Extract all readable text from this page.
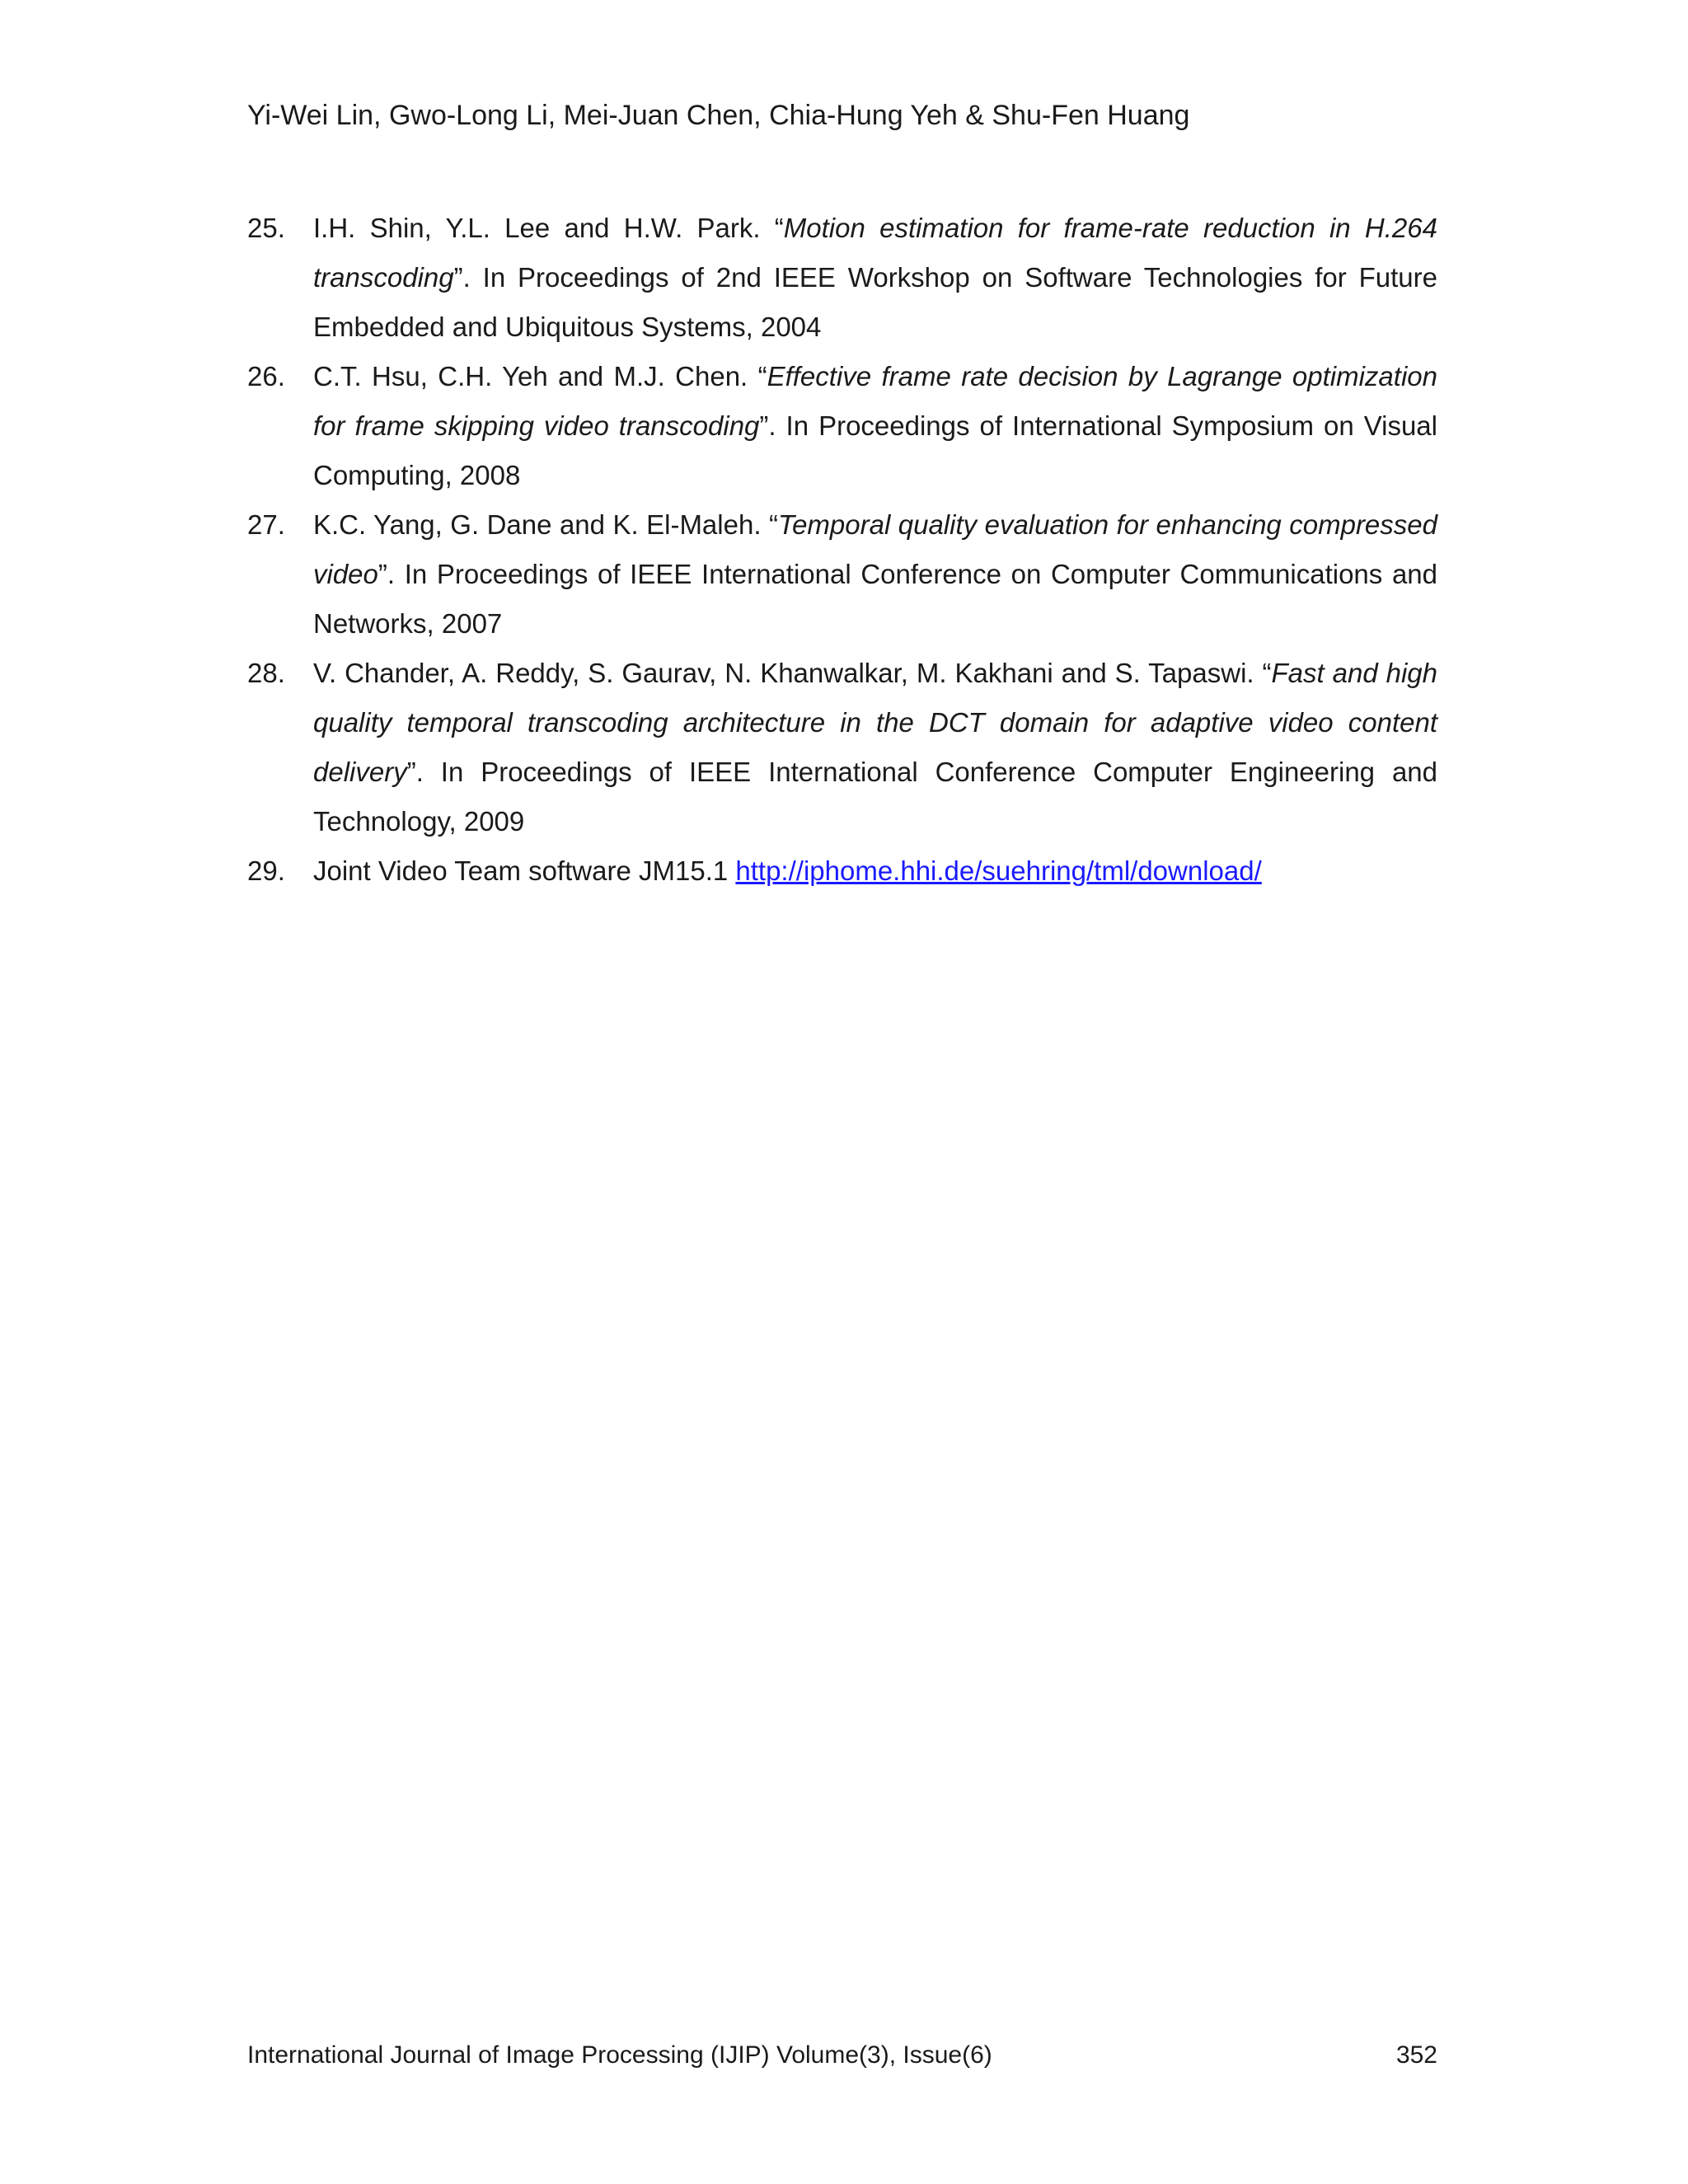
Yi-Wei Lin, Gwo-Long Li, Mei-Juan Chen, Chia-Hung Yeh & Shu-Fen Huang
25.	I.H. Shin, Y.L. Lee and H.W. Park. “Motion estimation for frame-rate reduction in H.264 transcoding”. In Proceedings of 2nd IEEE Workshop on Software Technologies for Future Embedded and Ubiquitous Systems, 2004
26.	C.T. Hsu, C.H. Yeh and M.J. Chen. “Effective frame rate decision by Lagrange optimization for frame skipping video transcoding”. In Proceedings of International Symposium on Visual Computing, 2008
27.	K.C. Yang, G. Dane and K. El-Maleh. “Temporal quality evaluation for enhancing compressed video”. In Proceedings of IEEE International Conference on Computer Communications and Networks, 2007
28.	V. Chander, A. Reddy, S. Gaurav, N. Khanwalkar, M. Kakhani and S. Tapaswi. “Fast and high quality temporal transcoding architecture in the DCT domain for adaptive video content delivery”. In Proceedings of IEEE International Conference Computer Engineering and Technology, 2009
29.	Joint Video Team software JM15.1 http://iphome.hhi.de/suehring/tml/download/
International Journal of Image Processing (IJIP) Volume(3), Issue(6)	352
